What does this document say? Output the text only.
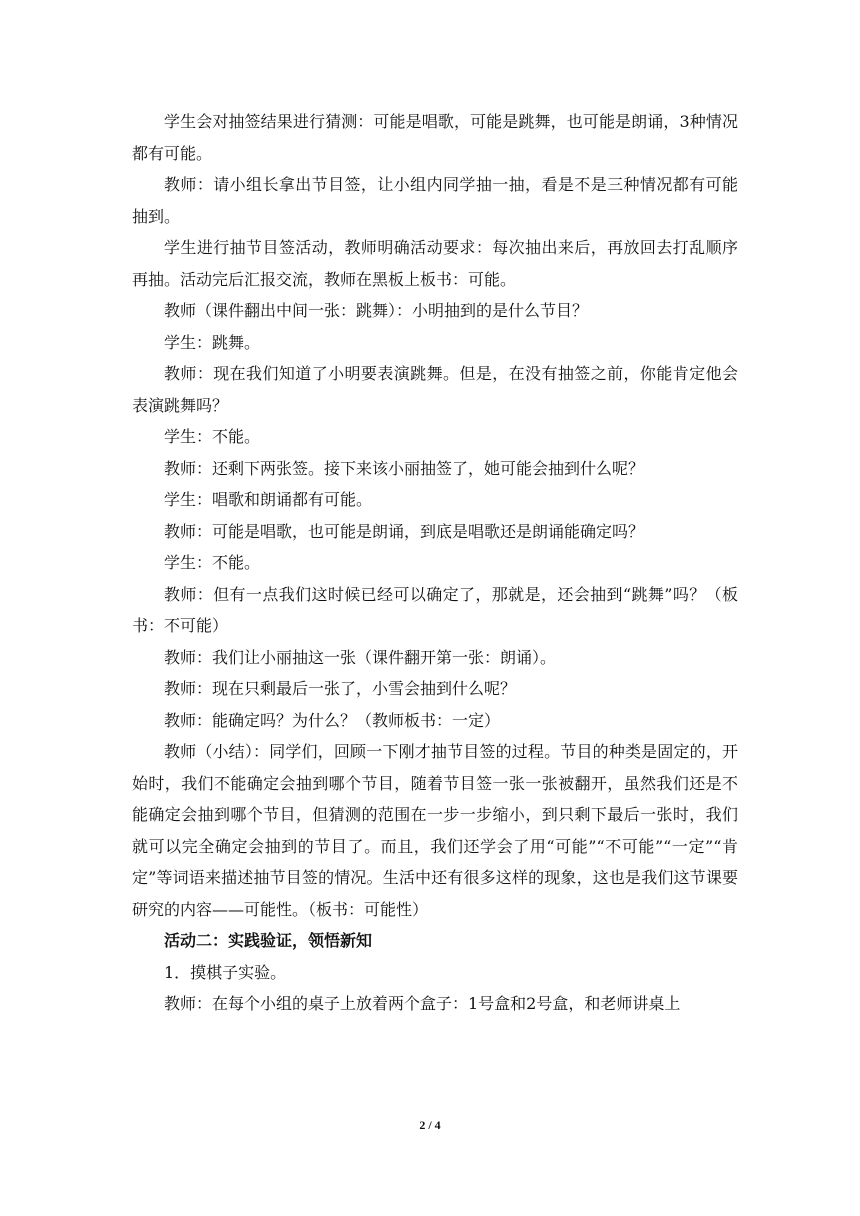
学生会对抽签结果进行猜测：可能是唱歌，可能是跳舞，也可能是朗诵，3种情况都有可能。

教师：请小组长拿出节目签，让小组内同学抽一抽，看是不是三种情况都有可能抽到。

学生进行抽节目签活动，教师明确活动要求：每次抽出来后，再放回去打乱顺序再抽。活动完后汇报交流，教师在黑板上板书：可能。

教师（课件翻出中间一张：跳舞）：小明抽到的是什么节目？

学生：跳舞。

教师：现在我们知道了小明要表演跳舞。但是，在没有抽签之前，你能肯定他会表演跳舞吗？

学生：不能。

教师：还剩下两张签。接下来该小丽抽签了，她可能会抽到什么呢？

学生：唱歌和朗诵都有可能。

教师：可能是唱歌，也可能是朗诵，到底是唱歌还是朗诵能确定吗？

学生：不能。

教师：但有一点我们这时候已经可以确定了，那就是，还会抽到“跳舞”吗？（板书：不可能）

教师：我们让小丽抽这一张（课件翻开第一张：朗诵）。

教师：现在只剩最后一张了，小雪会抽到什么呢？

教师：能确定吗？为什么？（教师板书：一定）

教师（小结）：同学们，回顾一下刚才抽节目签的过程。节目的种类是固定的，开始时，我们不能确定会抽到哪个节目，随着节目签一张一张被翻开，虽然我们还是不能确定会抽到哪个节目，但猜测的范围在一步一步缩小，到只剩下最后一张时，我们就可以完全确定会抽到的节目了。而且，我们还学会了用“可能”“不可能”“一定”“肯定”等词语来描述抽节目签的情况。生活中还有很多这样的现象，这也是我们这节课要研究的内容——可能性。（板书：可能性）

活动二：实践验证，领悟新知

1．摸棋子实验。

教师：在每个小组的桌子上放着两个盒子：1号盒和2号盒，和老师讲桌上

2 / 4
